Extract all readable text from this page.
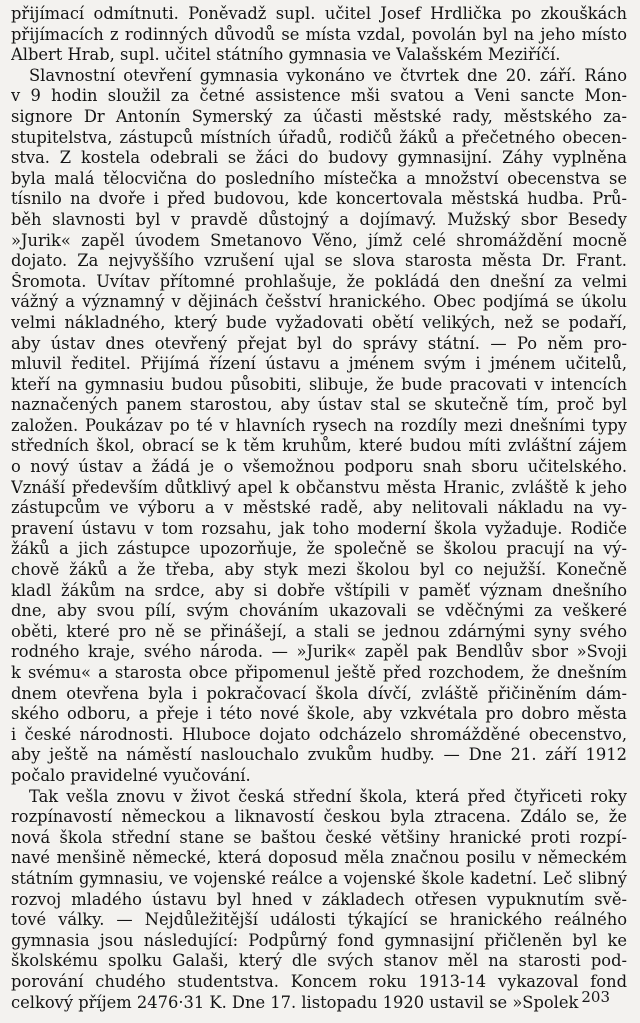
přijímací odmítnuti. Poněvadž supl. učitel Josef Hrdlička po zkouškách
přijímacích z rodinných důvodů se místa vzdal, povolán byl na jeho místo
Albert Hrab, supl. učitel státního gymnasia ve Valašském Meziříčí.
Slavnostní otevření gymnasia vykonáno ve čtvrtek dne 20. září. Ráno
v 9 hodin sloužil za četné assistence mši svatou a Veni sancte Mon-
signore Dr Antonín Symerský za účasti městské rady, městského za-
stupitelstva, zástupců místních úřadů, rodičů žáků a přečetného obecen-
stva. Z kostela odebrali se žáci do budovy gymnasijní. Záhy vyplněna
byla malá tělocvična do posledního místečka a množství obecenstva se
tísnilo na dvoře i před budovou, kde koncertovala městská hudba. Prů-
běh slavnosti byl v pravdě důstojný a dojímavý. Mužský sbor Besedy
»Jurik« zapěl úvodem Smetanovo Věno, jímž celé shromáždění mocně
dojato. Za nejvyššího vzrušení ujal se slova starosta města Dr. Frant.
Šromota. Uvítav přítomné prohlašuje, že pokládá den dnešní za velmi
vážný a významný v dějinách češství hranického. Obec podjímá se úkolu
velmi nákladného, který bude vyžadovati obětí velikých, než se podaří,
aby ústav dnes otevřený přejat byl do správy státní. — Po něm pro-
mluvil ředitel. Přijímá řízení ústavu a jménem svým i jménem učitelů,
kteří na gymnasiu budou působiti, slibuje, že bude pracovati v intencích
naznačených panem starostou, aby ústav stal se skutečně tím, proč byl
založen. Poukázav po té v hlavních rysech na rozdíly mezi dnešními typy
středních škol, obrací se k těm kruhům, které budou míti zvláštní zájem
o nový ústav a žádá je o všemožnou podporu snah sboru učitelského.
Vznáší především důtklivý apel k občanstvu města Hranic, zvláště k jeho
zástupcům ve výboru a v městské radě, aby nelitovali nákladu na vy-
pravení ústavu v tom rozsahu, jak toho moderní škola vyžaduje. Rodiče
žáků a jich zástupce upozorňuje, že společně se školou pracují na vý-
chově žáků a že třeba, aby styk mezi školou byl co nejužší. Konečně
kladl žákům na srdce, aby si dobře vštípili v paměť význam dnešního
dne, aby svou pílí, svým chováním ukazovali se vděčnými za veškeré
oběti, které pro ně se přinášejí, a stali se jednou zdárnými syny svého
rodného kraje, svého národa. — »Jurik« zapěl pak Bendlův sbor »Svoji
k svému« a starosta obce připomenul ještě před rozchodem, že dnešním
dnem otevřena byla i pokračovací škola dívčí, zvláště přičiněním dám-
ského odboru, a přeje i této nové škole, aby vzkvétala pro dobro města
i české národnosti. Hluboce dojato odcházelo shromážděné obecenstvo,
aby ještě na náměstí naslouchalo zvukům hudby. — Dne 21. září 1912
počalo pravidelné vyučování.
Tak vešla znovu v život česká střední škola, která před čtyřiceti roky
rozpínavostí německou a liknavostí českou byla ztracena. Zdálo se, že
nová škola střední stane se baštou české většiny hranické proti rozpí-
navé menšině německé, která doposud měla značnou posilu v německém
státním gymnasiu, ve vojenské reálce a vojenské škole kadetní. Leč slibný
rozvoj mladého ústavu byl hned v základech otřesen vypuknutím svě-
tové války. — Nejdůležitější události týkající se hranického reálného
gymnasia jsou následující: Podpůrný fond gymnasijní přičleněn byl ke
školskému spolku Galaši, který dle svých stanov měl na starosti pod-
porování chudého studentstva. Koncem roku 1913-14 vykazoval fond
celkový příjem 2476·31 K. Dne 17. listopadu 1920 ustavil se »Spolek 203
